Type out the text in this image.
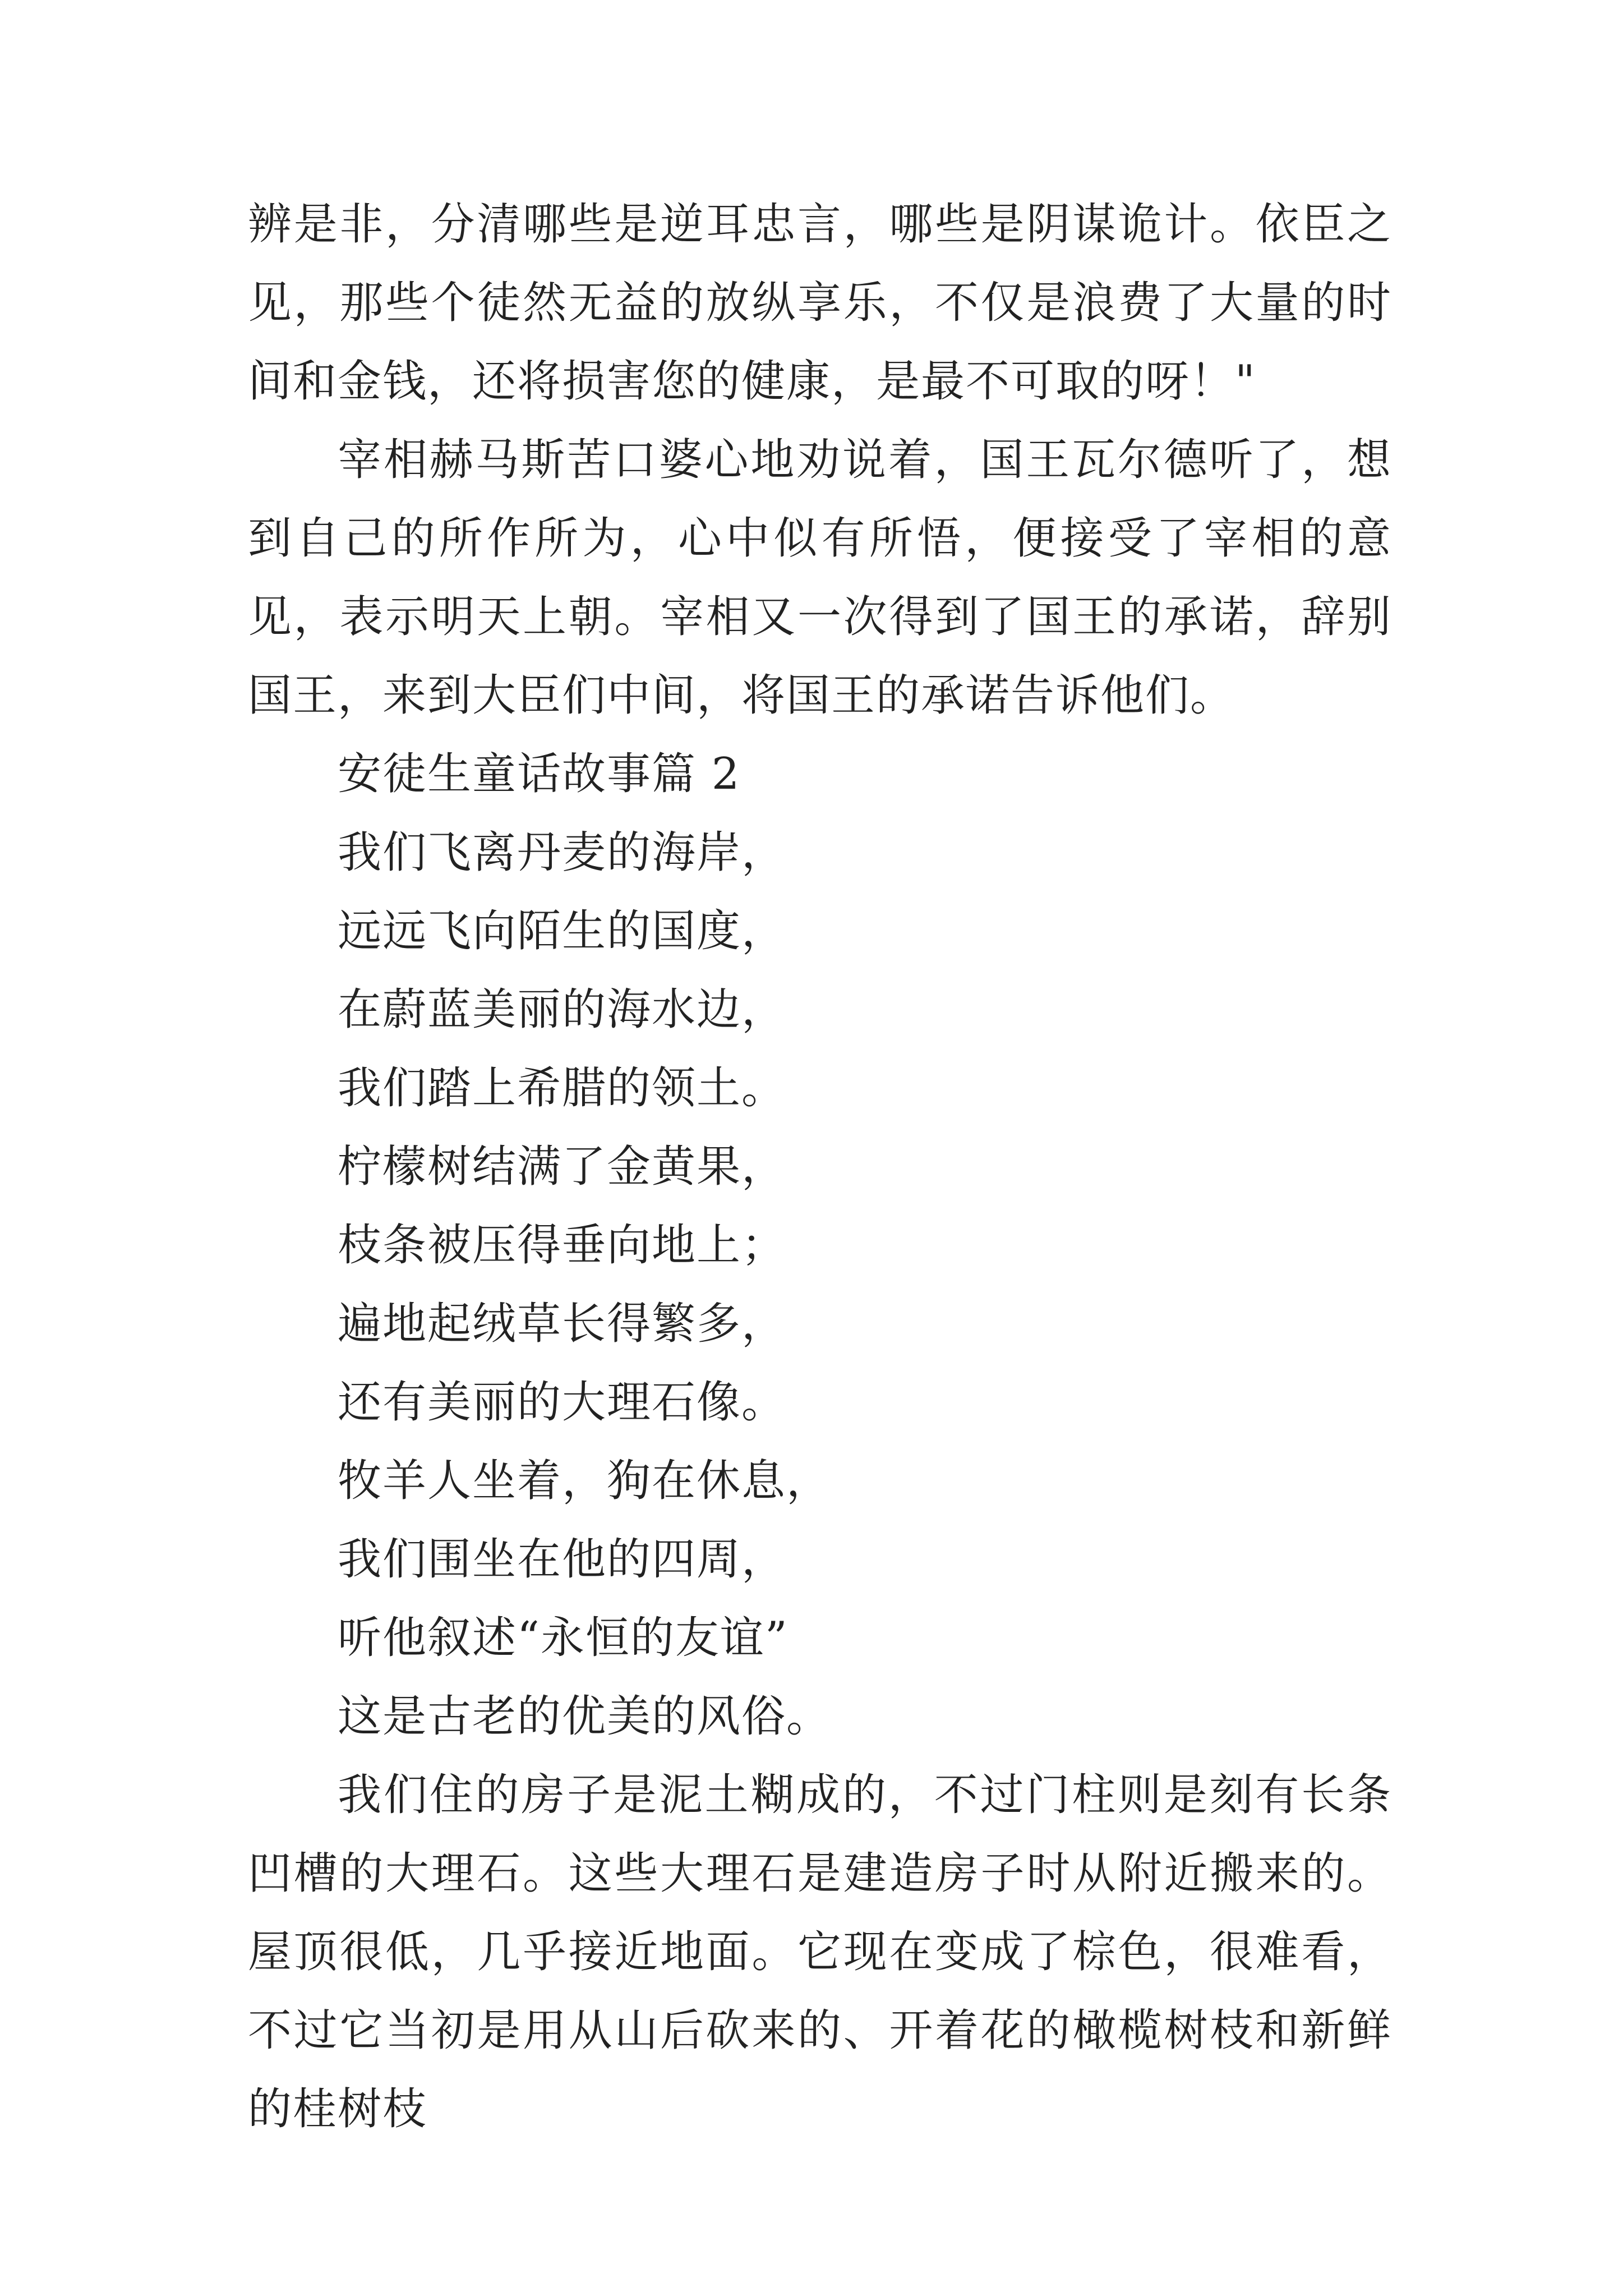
辨是非，分清哪些是逆耳忠言，哪些是阴谋诡计。依臣之见，那些个徒然无益的放纵享乐，不仅是浪费了大量的时间和金钱，还将损害您的健康，是最不可取的呀！"

宰相赫马斯苦口婆心地劝说着，国王瓦尔德听了，想到自己的所作所为，心中似有所悟，便接受了宰相的意见，表示明天上朝。宰相又一次得到了国王的承诺，辞别国王，来到大臣们中间，将国王的承诺告诉他们。

安徒生童话故事篇 2

我们飞离丹麦的海岸，

远远飞向陌生的国度，

在蔚蓝美丽的海水边，

我们踏上希腊的领土。

柠檬树结满了金黄果，

枝条被压得垂向地上；

遍地起绒草长得繁多，

还有美丽的大理石像。

牧羊人坐着，狗在休息，

我们围坐在他的四周，

听他叙述“永恒的友谊”

这是古老的优美的风俗。

我们住的房子是泥土糊成的，不过门柱则是刻有长条凹槽的大理石。这些大理石是建造房子时从附近搬来的。屋顶很低，几乎接近地面。它现在变成了棕色，很难看，不过它当初是用从山后砍来的、开着花的橄榄树枝和新鲜的桂树枝
